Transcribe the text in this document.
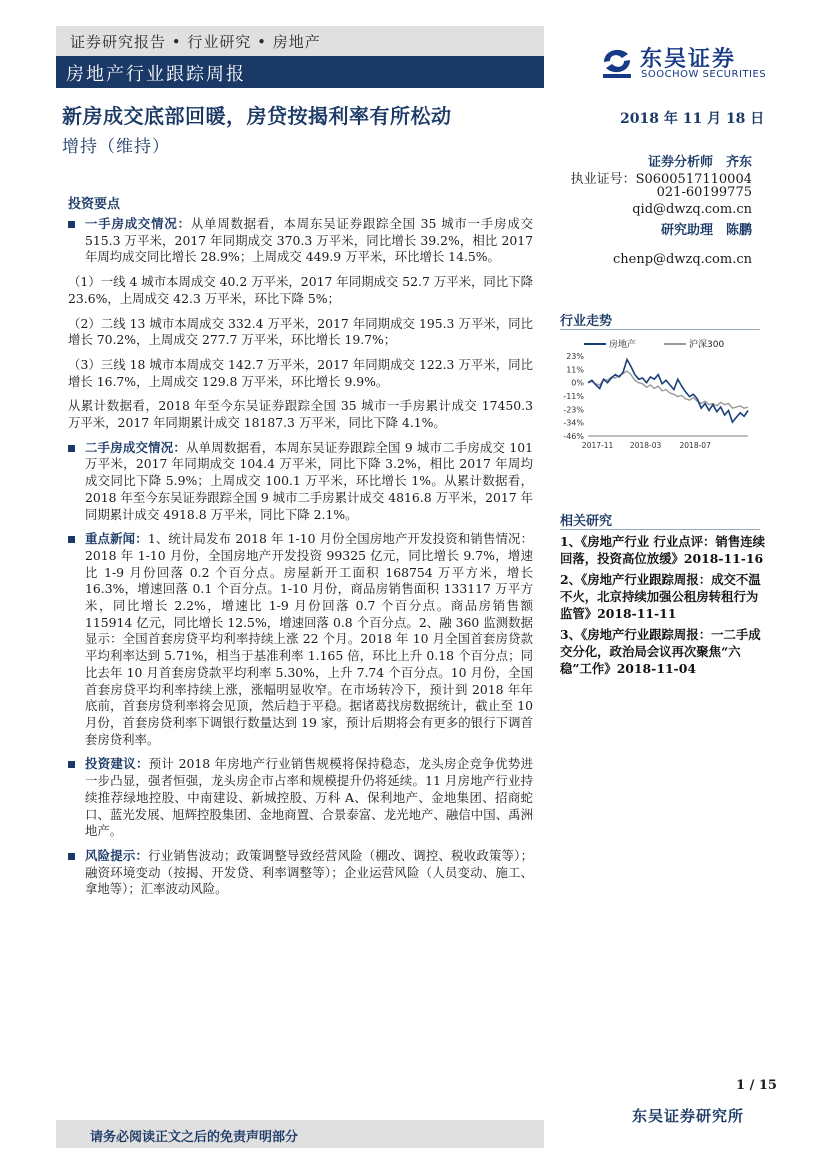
证券研究报告 • 行业研究 • 房地产
房地产行业跟踪周报
东吴证券
SOOCHOW SECURITIES
新房成交底部回暖，房贷按揭利率有所松动
增持（维持）
2018 年 11 月 18 日
证券分析师　齐东
执业证号：S0600517110004
021-60199775
qid@dwzq.com.cn
研究助理　陈鹏
chenp@dwzq.com.cn
投资要点
一手房成交情况：从单周数据看，本周东吴证券跟踪全国 35 城市一手房成交 515.3 万平米，2017 年同期成交 370.3 万平米，同比增长 39.2%，相比 2017 年周均成交同比增长 28.9%；上周成交 449.9 万平米，环比增长 14.5%。
（1）一线 4 城市本周成交 40.2 万平米，2017 年同期成交 52.7 万平米，同比下降 23.6%，上周成交 42.3 万平米，环比下降 5%；
（2）二线 13 城市本周成交 332.4 万平米，2017 年同期成交 195.3 万平米，同比增长 70.2%，上周成交 277.7 万平米，环比增长 19.7%；
（3）三线 18 城市本周成交 142.7 万平米，2017 年同期成交 122.3 万平米，同比增长 16.7%，上周成交 129.8 万平米，环比增长 9.9%。
从累计数据看，2018 年至今东吴证券跟踪全国 35 城市一手房累计成交 17450.3 万平米，2017 年同期累计成交 18187.3 万平米，同比下降 4.1%。
二手房成交情况：从单周数据看，本周东吴证券跟踪全国 9 城市二手房成交 101 万平米，2017 年同期成交 104.4 万平米，同比下降 3.2%，相比 2017 年周均成交同比下降 5.9%；上周成交 100.1 万平米，环比增长 1%。从累计数据看，2018 年至今东吴证券跟踪全国 9 城市二手房累计成交 4816.8 万平米，2017 年同期累计成交 4918.8 万平米，同比下降 2.1%。
重点新闻：1、统计局发布 2018 年 1-10 月份全国房地产开发投资和销售情况：2018 年 1-10 月份，全国房地产开发投资 99325 亿元，同比增长 9.7%，增速比 1-9 月份回落 0.2 个百分点。房屋新开工面积 168754 万平方米，增长 16.3%，增速回落 0.1 个百分点。1-10 月份，商品房销售面积 133117 万平方米，同比增长 2.2%，增速比 1-9 月份回落 0.7 个百分点。商品房销售额 115914 亿元，同比增长 12.5%，增速回落 0.8 个百分点。2、融 360 监测数据显示：全国首套房贷平均利率持续上涨 22 个月。2018 年 10 月全国首套房贷款平均利率达到 5.71%，相当于基准利率 1.165 倍，环比上升 0.18 个百分点；同比去年 10 月首套房贷款平均利率 5.30%，上升 7.74 个百分点。10 月份，全国首套房贷平均利率持续上涨，涨幅明显收窄。在市场转冷下，预计到 2018 年年底前，首套房贷利率将会见顶，然后趋于平稳。据诸葛找房数据统计，截止至 10 月份，首套房贷利率下调银行数量达到 19 家，预计后期将会有更多的银行下调首套房贷利率。
投资建议：预计 2018 年房地产行业销售规模将保持稳态，龙头房企竞争优势进一步凸显，强者恒强，龙头房企市占率和规模提升仍将延续。11 月房地产行业持续推荐绿地控股、中南建设、新城控股、万科 A、保利地产、金地集团、招商蛇口、蓝光发展、旭辉控股集团、金地商置、合景泰富、龙光地产、融信中国、禹洲地产。
风险提示：行业销售波动；政策调整导致经营风险（棚改、调控、税收政策等）；融资环境变动（按揭、开发贷、利率调整等）；企业运营风险（人员变动、施工、拿地等）；汇率波动风险。
行业走势
房地产	沪深300
23%
11%
0%
-11%
-23%
-34%
-46%
2017-11 2018-03 2018-07
相关研究
1、《房地产行业 行业点评：销售连续回落，投资高位放缓》2018-11-16
2、《房地产行业跟踪周报：成交不温不火，北京持续加强公租房转租行为监管》2018-11-11
3、《房地产行业跟踪周报：一二手成交分化，政治局会议再次聚焦“六稳”工作》2018-11-04
1 / 15
东吴证券研究所
请务必阅读正文之后的免责声明部分
